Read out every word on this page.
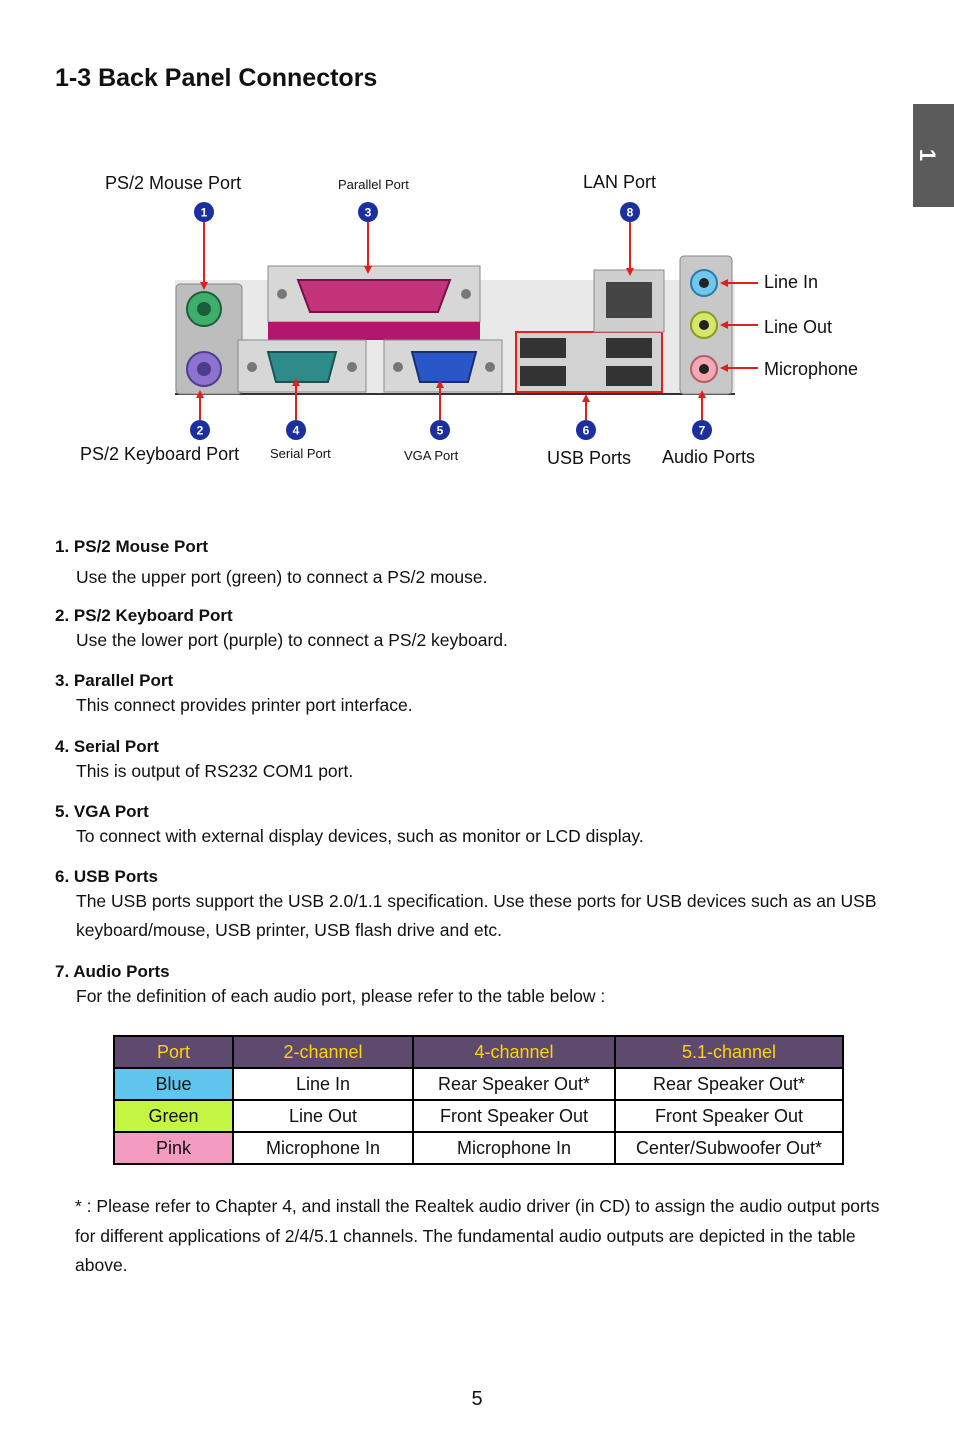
1-3 Back Panel Connectors
1
1	3	8
2	4	5	6	7
PS/2 Mouse Port	Parallel Port	LAN Port
Line In
Line Out
Microphone
PS/2 Keyboard Port Serial Port	VGA Port	USB Ports Audio Ports
1. PS/2 Mouse Port
Use the upper port (green) to connect a PS/2 mouse.
2. PS/2 Keyboard Port
Use the lower port (purple) to connect a PS/2 keyboard.
3. Parallel Port
This connect provides printer port interface.
4. Serial Port
This is output of RS232 COM1 port.
5. VGA Port
To connect with external display devices, such as monitor or LCD display.
6. USB Ports
The USB ports support the USB 2.0/1.1 specification. Use these ports for USB devices such as an USB keyboard/mouse, USB printer, USB flash drive and etc.
7. Audio Ports
For the definition of each audio port, please refer to the table below :
Port	2-channel	4-channel	5.1-channel
Blue	Line In	Rear Speaker Out*	Rear Speaker Out*
Green	Line Out	Front Speaker Out	Front Speaker Out
Pink	Microphone In	Microphone In	Center/Subwoofer Out*
* : Please refer to Chapter 4, and install the Realtek audio driver (in CD) to assign the audio output ports for different applications of 2/4/5.1 channels. The fundamental audio outputs are depicted in the table above.
5
